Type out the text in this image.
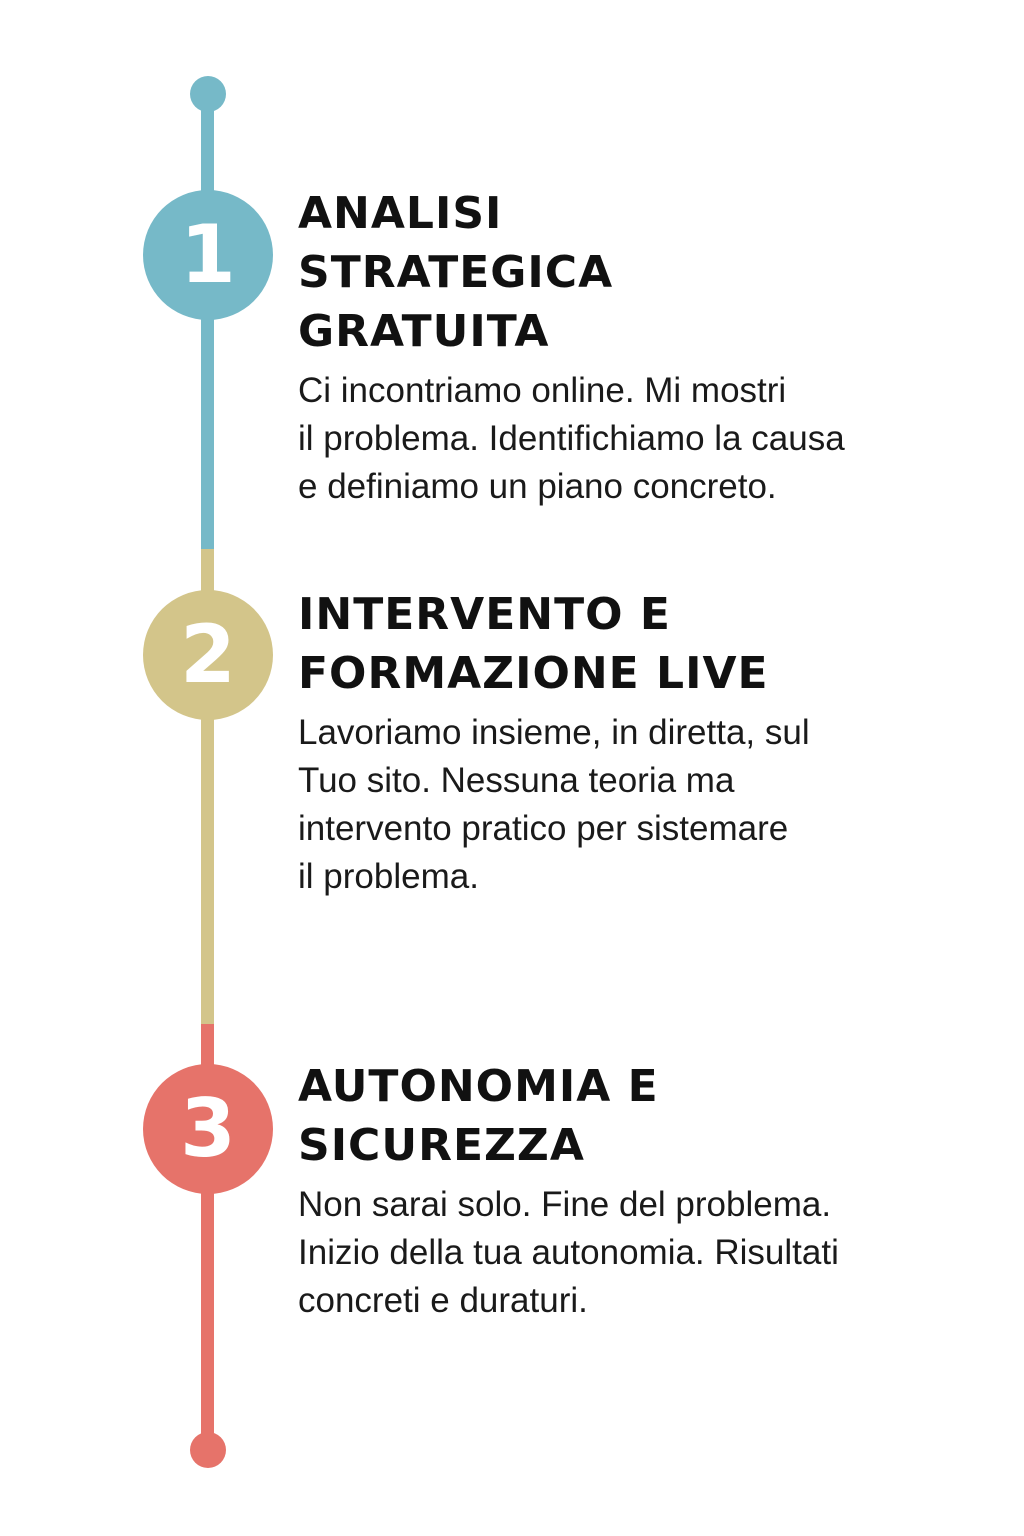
1
2
3
ANALISI
STRATEGICA
GRATUITA
Ci incontriamo online. Mi mostri
il problema. Identifichiamo la causa
e definiamo un piano concreto.
INTERVENTO E
FORMAZIONE LIVE
Lavoriamo insieme, in diretta, sul
Tuo sito. Nessuna teoria ma
intervento pratico per sistemare
il problema.
AUTONOMIA E
SICUREZZA
Non sarai solo. Fine del problema.
Inizio della tua autonomia. Risultati
concreti e duraturi.
